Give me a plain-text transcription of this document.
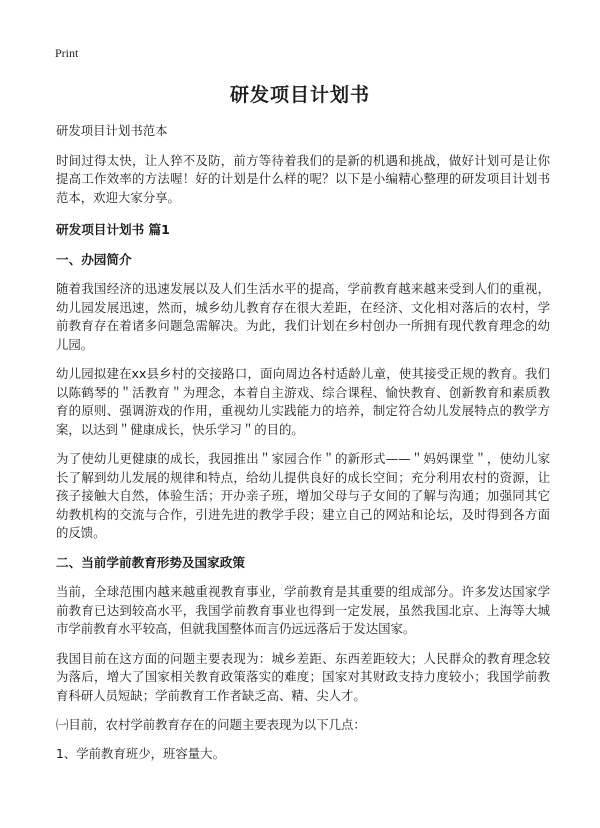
Print
研发项目计划书

研发项目计划书范本

时间过得太快，让人猝不及防，前方等待着我们的是新的机遇和挑战，做好计划可是让你提高工作效率的方法喔！好的计划是什么样的呢？以下是小编精心整理的研发项目计划书范本，欢迎大家分享。

研发项目计划书 篇1
一、办园简介

随着我国经济的迅速发展以及人们生活水平的提高，学前教育越来越来受到人们的重视，幼儿园发展迅速，然而，城乡幼儿教育存在很大差距，在经济、文化相对落后的农村，学前教育存在着诸多问题急需解决。为此，我们计划在乡村创办一所拥有现代教育理念的幼儿园。

幼儿园拟建在xx县乡村的交接路口，面向周边各村适龄儿童，使其接受正规的教育。我们以陈鹤琴的＂活教育＂为理念，本着自主游戏、综合课程、愉快教育、创新教育和素质教育的原则、强调游戏的作用，重视幼儿实践能力的培养，制定符合幼儿发展特点的教学方案，以达到＂健康成长，快乐学习＂的目的。

为了使幼儿更健康的成长，我园推出＂家园合作＂的新形式——＂妈妈课堂＂，使幼儿家长了解到幼儿发展的规律和特点，给幼儿提供良好的成长空间；充分利用农村的资源，让孩子接触大自然，体验生活；开办亲子班，增加父母与子女间的了解与沟通；加强同其它幼教机构的交流与合作，引进先进的教学手段；建立自己的网站和论坛，及时得到各方面的反馈。

二、当前学前教育形势及国家政策

当前，全球范围内越来越重视教育事业，学前教育是其重要的组成部分。许多发达国家学前教育已达到较高水平，我国学前教育事业也得到一定发展，虽然我国北京、上海等大城市学前教育水平较高，但就我国整体而言仍远远落后于发达国家。

我国目前在这方面的问题主要表现为：城乡差距、东西差距较大；人民群众的教育理念较为落后，增大了国家相关教育政策落实的难度；国家对其财政支持力度较小；我国学前教育科研人员短缺；学前教育工作者缺乏高、精、尖人才。

㈠目前，农村学前教育存在的问题主要表现为以下几点：

1、学前教育班少，班容量大。
